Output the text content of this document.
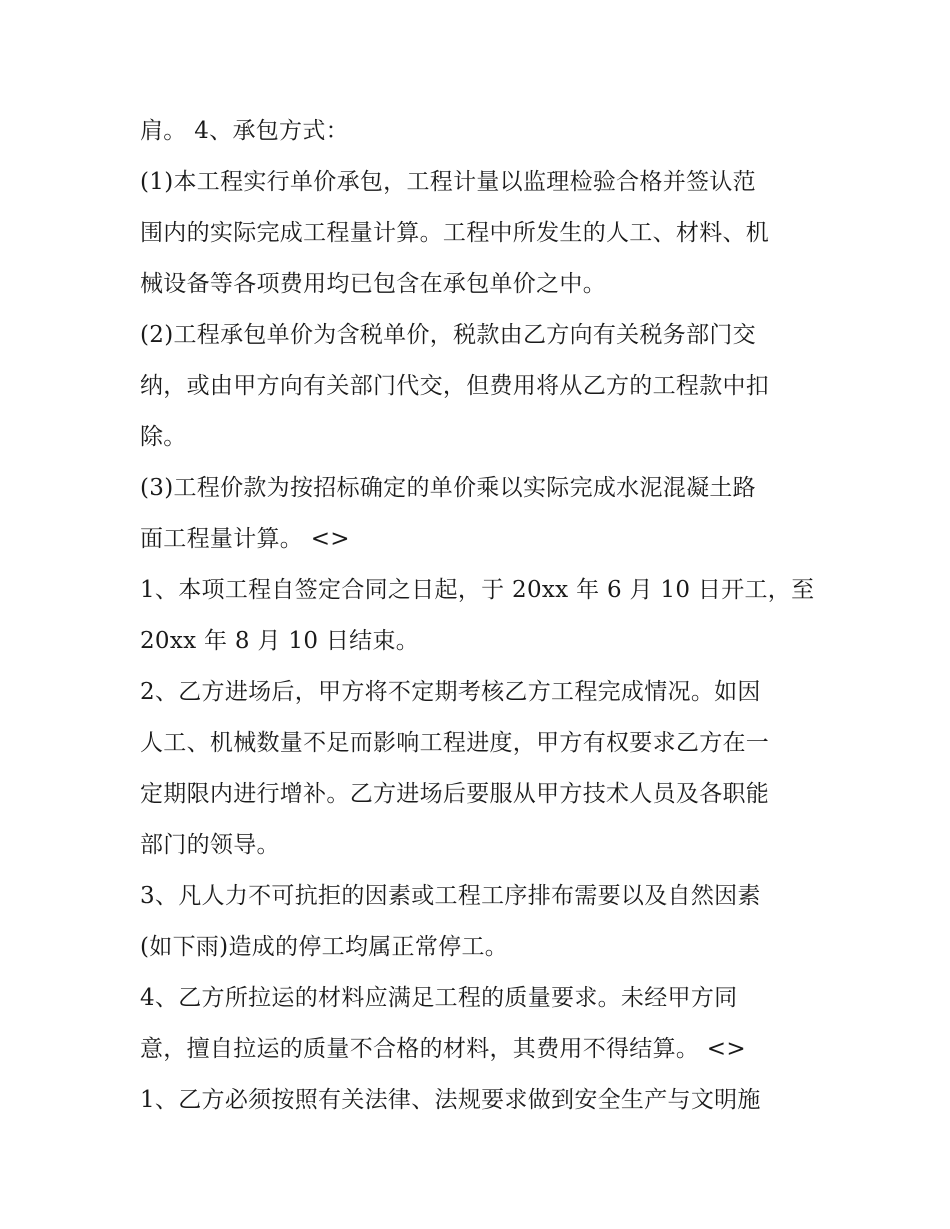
肩。 4、承包方式：
(1)本工程实行单价承包，工程计量以监理检验合格并签认范
围内的实际完成工程量计算。工程中所发生的人工、材料、机
械设备等各项费用均已包含在承包单价之中。
(2)工程承包单价为含税单价，税款由乙方向有关税务部门交
纳，或由甲方向有关部门代交，但费用将从乙方的工程款中扣
除。
(3)工程价款为按招标确定的单价乘以实际完成水泥混凝土路
面工程量计算。 <>
1、本项工程自签定合同之日起，于 20xx 年 6 月 10 日开工，至
20xx 年 8 月 10 日结束。
2、乙方进场后，甲方将不定期考核乙方工程完成情况。如因
人工、机械数量不足而影响工程进度，甲方有权要求乙方在一
定期限内进行增补。乙方进场后要服从甲方技术人员及各职能
部门的领导。
3、凡人力不可抗拒的因素或工程工序排布需要以及自然因素
(如下雨)造成的停工均属正常停工。
4、乙方所拉运的材料应满足工程的质量要求。未经甲方同
意，擅自拉运的质量不合格的材料，其费用不得结算。 <>
1、乙方必须按照有关法律、法规要求做到安全生产与文明施
